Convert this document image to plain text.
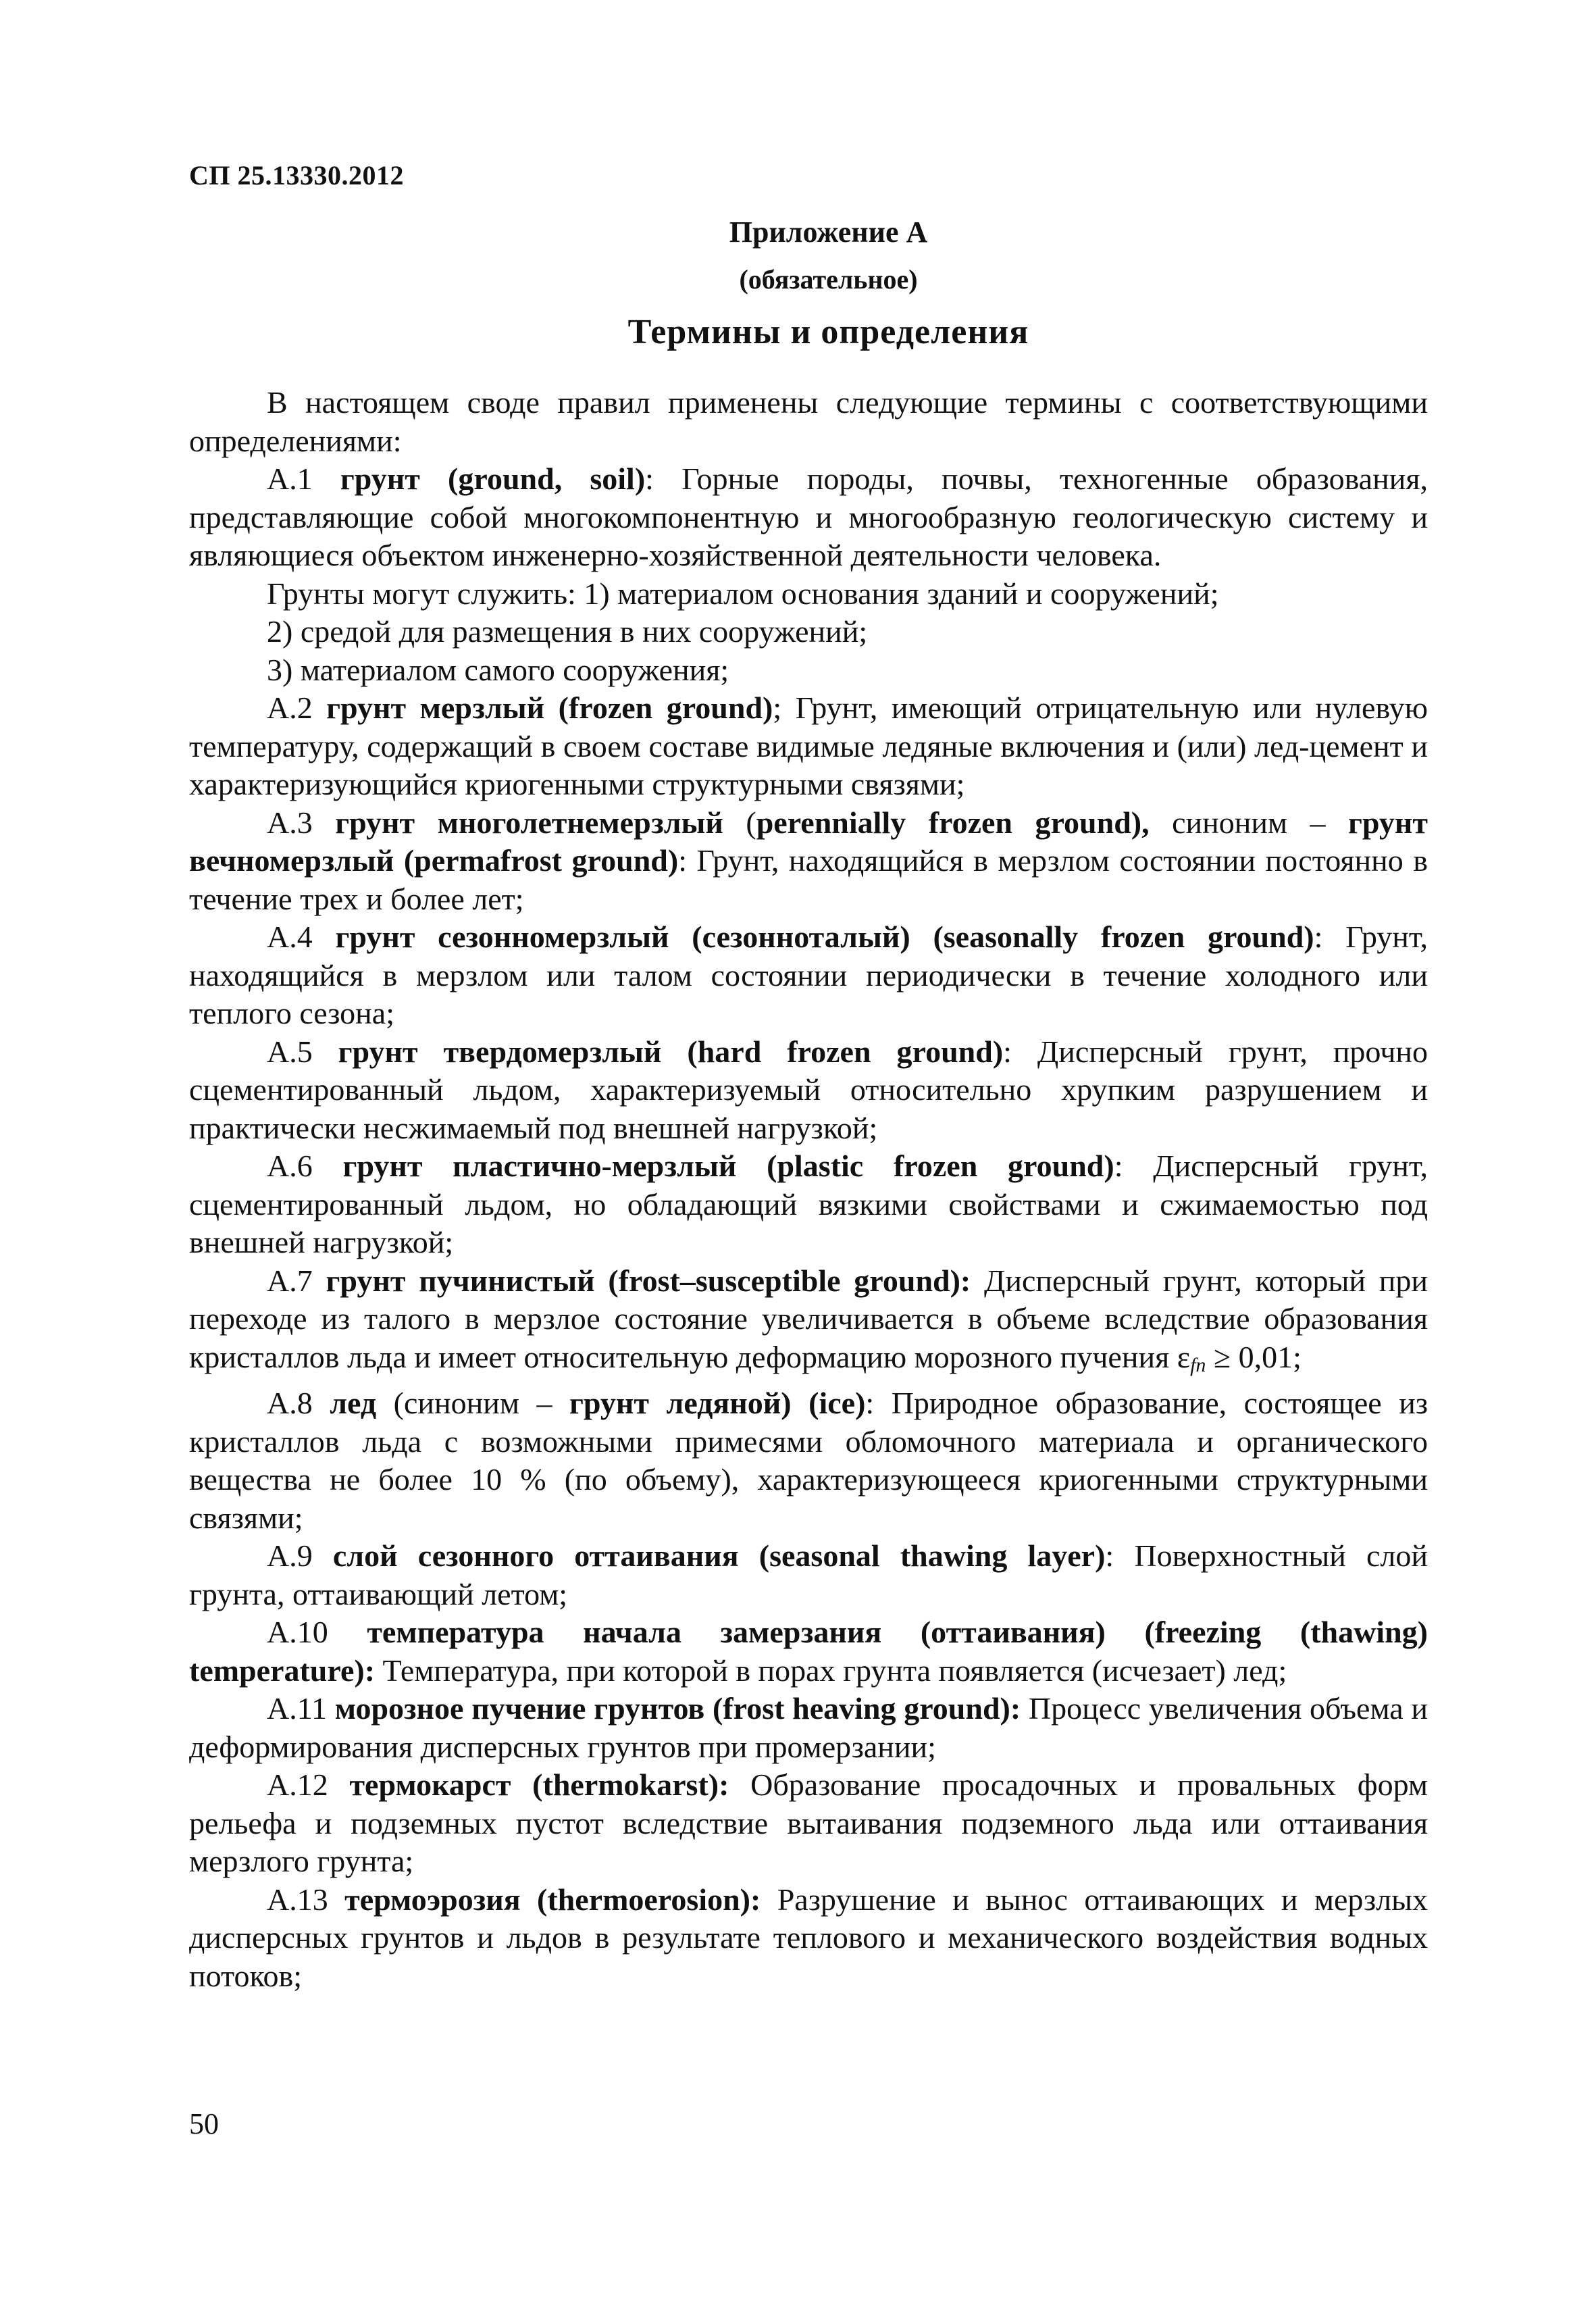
СП 25.13330.2012
Приложение А
(обязательное)
Термины и определения

В настоящем своде правил применены следующие термины с соответствующими определениями:

А.1 грунт (ground, soil): Горные породы, почвы, техногенные образования, представляющие собой многокомпонентную и многообразную геологическую систему и являющиеся объектом инженерно-хозяйственной деятельности человека.

Грунты могут служить: 1) материалом основания зданий и сооружений;

2) средой для размещения в них сооружений;

3) материалом самого сооружения;

А.2 грунт мерзлый (frozen ground); Грунт, имеющий отрицательную или нулевую температуру, содержащий в своем составе видимые ледяные включения и (или) лед-цемент и характеризующийся криогенными структурными связями;

А.3 грунт многолетнемерзлый (perennially frozen ground), синоним – грунт вечномерзлый (permafrost ground): Грунт, находящийся в мерзлом состоянии постоянно в течение трех и более лет;

А.4 грунт сезонномерзлый (сезонноталый) (seasonally frozen ground): Грунт, находящийся в мерзлом или талом состоянии периодически в течение холодного или теплого сезона;

А.5 грунт твердомерзлый (hard frozen ground): Дисперсный грунт, прочно сцементированный льдом, характеризуемый относительно хрупким разрушением и практически несжимаемый под внешней нагрузкой;

А.6 грунт пластично-мерзлый (plastic frozen ground): Дисперсный грунт, сцементированный льдом, но обладающий вязкими свойствами и сжимаемостью под внешней нагрузкой;

А.7 грунт пучинистый (frost–susceptible ground): Дисперсный грунт, который при переходе из талого в мерзлое состояние увеличивается в объеме вследствие образования кристаллов льда и имеет относительную деформацию морозного пучения $\varepsilon_{fn} \ge 0,01$;

А.8 лед (синоним – грунт ледяной) (ice): Природное образование, состоящее из кристаллов льда с возможными примесями обломочного материала и органического вещества не более 10 % (по объему), характеризующееся криогенными структурными связями;

А.9 слой сезонного оттаивания (seasonal thawing layer): Поверхностный слой грунта, оттаивающий летом;

А.10 температура начала замерзания (оттаивания) (freezing (thawing) temperature): Температура, при которой в порах грунта появляется (исчезает) лед;

А.11 морозное пучение грунтов (frost heaving ground): Процесс увеличения объема и деформирования дисперсных грунтов при промерзании;

А.12 термокарст (thermokarst): Образование просадочных и провальных форм рельефа и подземных пустот вследствие вытаивания подземного льда или оттаивания мерзлого грунта;

А.13 термоэрозия (thermoerosion): Разрушение и вынос оттаивающих и мерзлых дисперсных грунтов и льдов в результате теплового и механического воздействия водных потоков;

50
